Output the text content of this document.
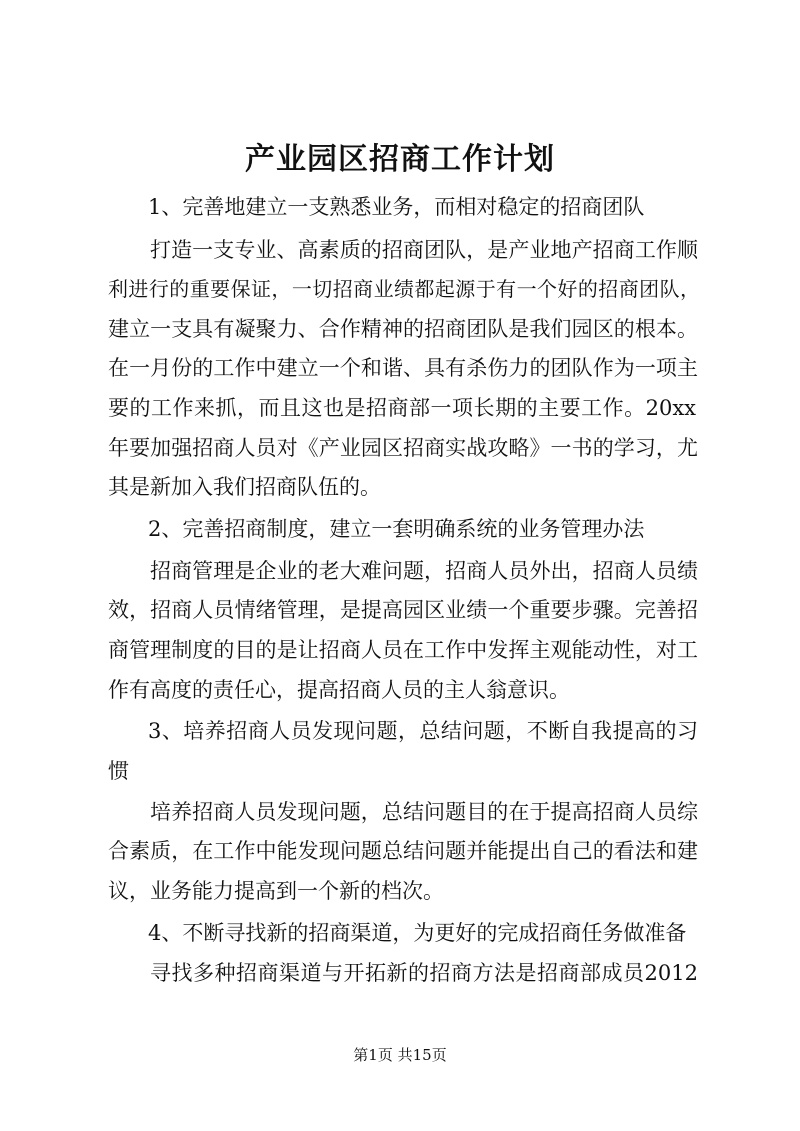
产业园区招商工作计划

1、完善地建立一支熟悉业务，而相对稳定的招商团队

打造一支专业、高素质的招商团队，是产业地产招商工作顺

利进行的重要保证，一切招商业绩都起源于有一个好的招商团队，

建立一支具有凝聚力、合作精神的招商团队是我们园区的根本。

在一月份的工作中建立一个和谐、具有杀伤力的团队作为一项主

要的工作来抓，而且这也是招商部一项长期的主要工作。20xx

年要加强招商人员对《产业园区招商实战攻略》一书的学习，尤

其是新加入我们招商队伍的。

2、完善招商制度，建立一套明确系统的业务管理办法

招商管理是企业的老大难问题，招商人员外出，招商人员绩

效，招商人员情绪管理，是提高园区业绩一个重要步骤。完善招

商管理制度的目的是让招商人员在工作中发挥主观能动性，对工

作有高度的责任心，提高招商人员的主人翁意识。

3、培养招商人员发现问题，总结问题，不断自我提高的习

惯

培养招商人员发现问题，总结问题目的在于提高招商人员综

合素质，在工作中能发现问题总结问题并能提出自己的看法和建

议，业务能力提高到一个新的档次。

4、不断寻找新的招商渠道，为更好的完成招商任务做准备

寻找多种招商渠道与开拓新的招商方法是招商部成员2012

第1页 共15页
